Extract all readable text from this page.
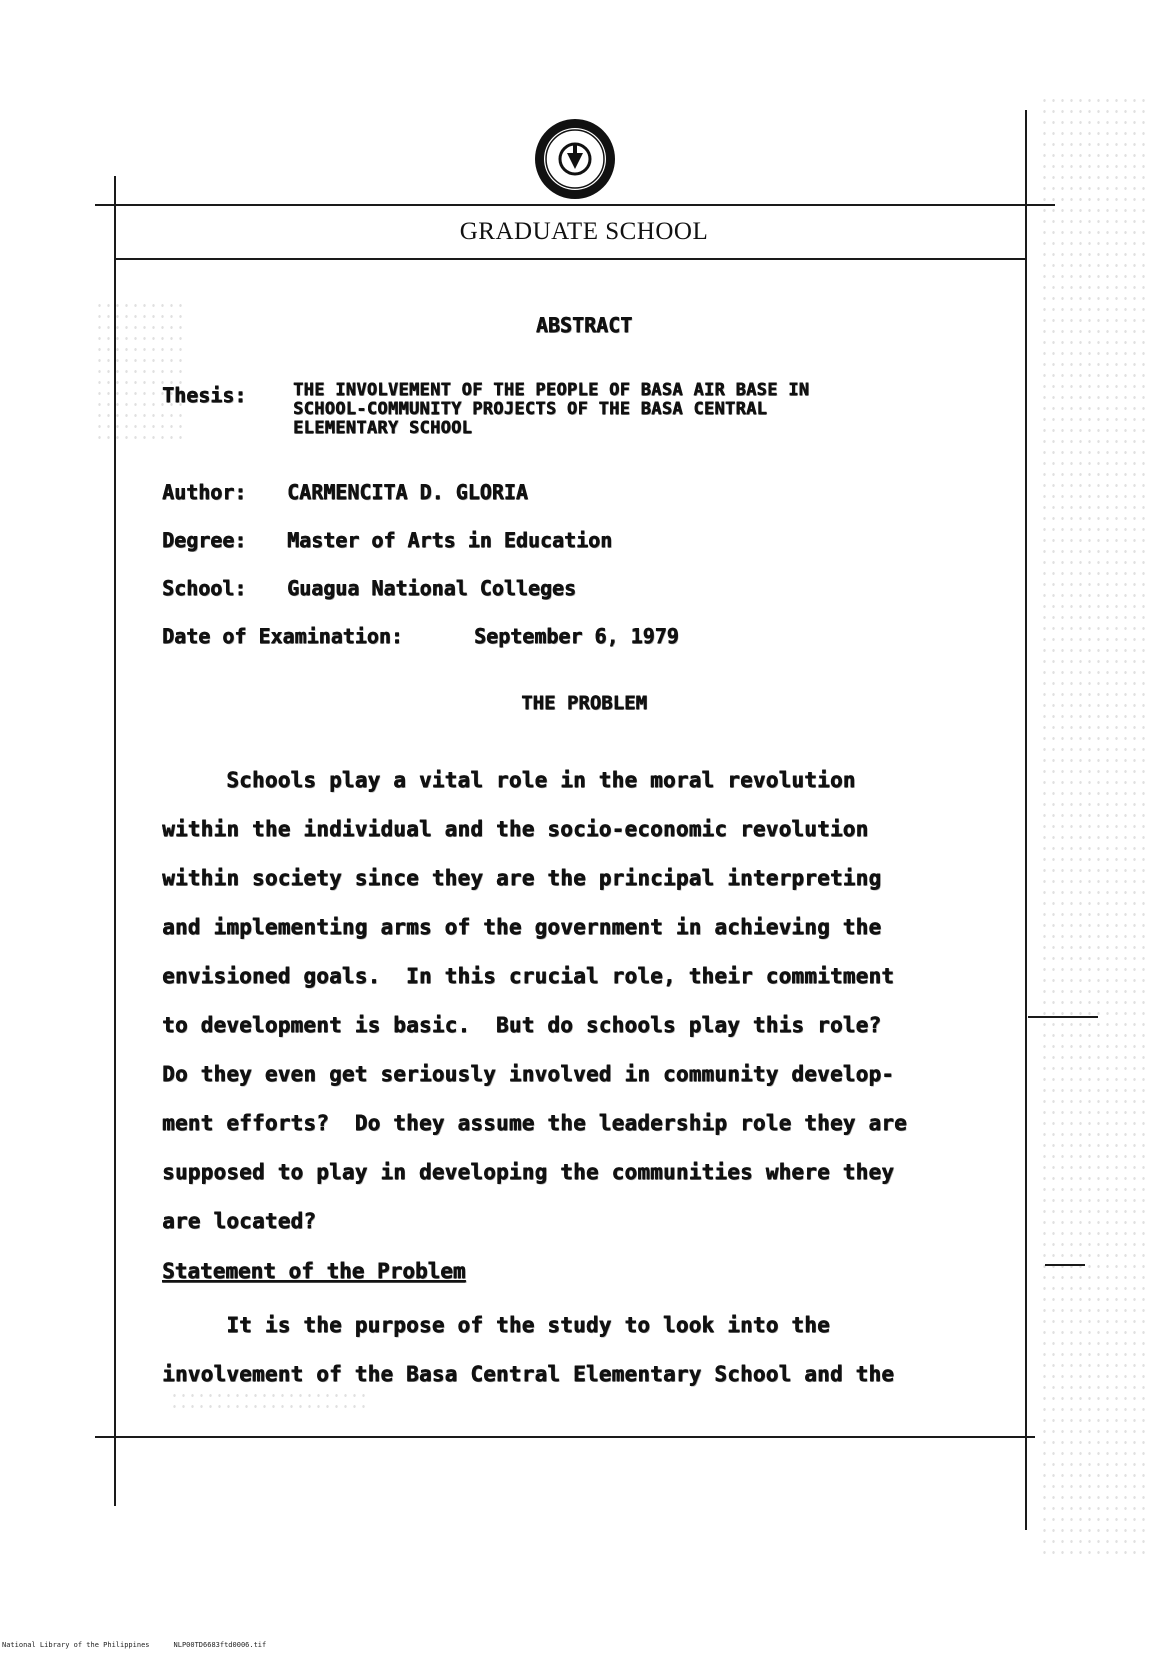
GRADUATE SCHOOL
ABSTRACT
Thesis:	THE INVOLVEMENT OF THE PEOPLE OF BASA AIR BASE IN
SCHOOL-COMMUNITY PROJECTS OF THE BASA CENTRAL
ELEMENTARY SCHOOL
Author: CARMENCITA D. GLORIA
Degree: Master of Arts in Education
School: Guagua National Colleges
Date of Examination:	September 6, 1979
THE PROBLEM
Schools play a vital role in the moral revolution
within the individual and the socio-economic revolution
within society since they are the principal interpreting
and implementing arms of the government in achieving the
envisioned goals.  In this crucial role, their commitment
to development is basic.  But do schools play this role?
Do they even get seriously involved in community develop-
ment efforts?  Do they assume the leadership role they are
supposed to play in developing the communities where they
are located?
Statement of the Problem
It is the purpose of the study to look into the
involvement of the Basa Central Elementary School and the
National Library of the Philippines	NLP00TD6683ftd0006.tif
